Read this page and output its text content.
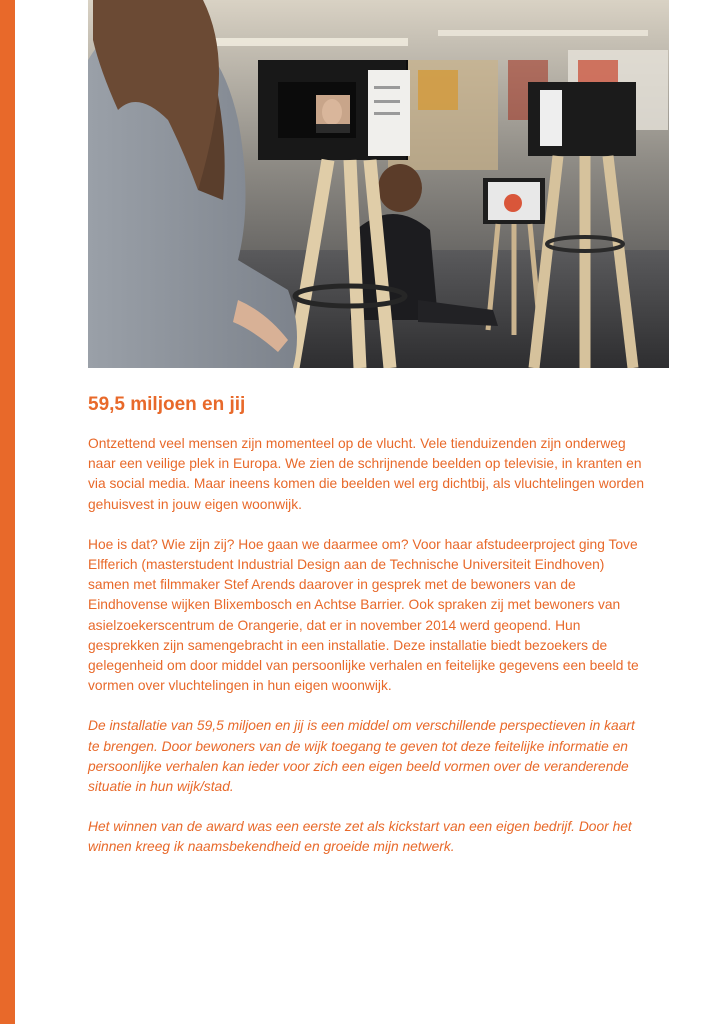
59,5 miljoen en jij

Ontzettend veel mensen zijn momenteel op de vlucht. Vele tienduizenden zijn onderweg naar een veilige plek in Europa. We zien de schrijnende beelden op televisie, in kranten en via social media. Maar ineens komen die beelden wel erg dichtbij, als vluchtelingen worden gehuisvest in jouw eigen woonwijk.

Hoe is dat? Wie zijn zij? Hoe gaan we daarmee om? Voor haar afstudeerproject ging Tove Elfferich (masterstudent Industrial Design aan de Technische Universiteit Eindhoven) samen met filmmaker Stef Arends daarover in gesprek met de bewoners van de Eindhovense wijken Blixembosch en Achtse Barrier. Ook spraken zij met bewoners van asielzoekerscentrum de Orangerie, dat er in november 2014 werd geopend. Hun gesprekken zijn samengebracht in een installatie. Deze installatie biedt bezoekers de gelegenheid om door middel van persoonlijke verhalen en feitelijke gegevens een beeld te vormen over vluchtelingen in hun eigen woonwijk.

De installatie van 59,5 miljoen en jij is een middel om verschillende perspectieven in kaart te brengen. Door bewoners van de wijk toegang te geven tot deze feitelijke informatie en persoonlijke verhalen kan ieder voor zich een eigen beeld vormen over de veranderende situatie in hun wijk/stad.

Het winnen van de award was een eerste zet als kickstart van een eigen bedrijf. Door het winnen kreeg ik naamsbekendheid en groeide mijn netwerk.
